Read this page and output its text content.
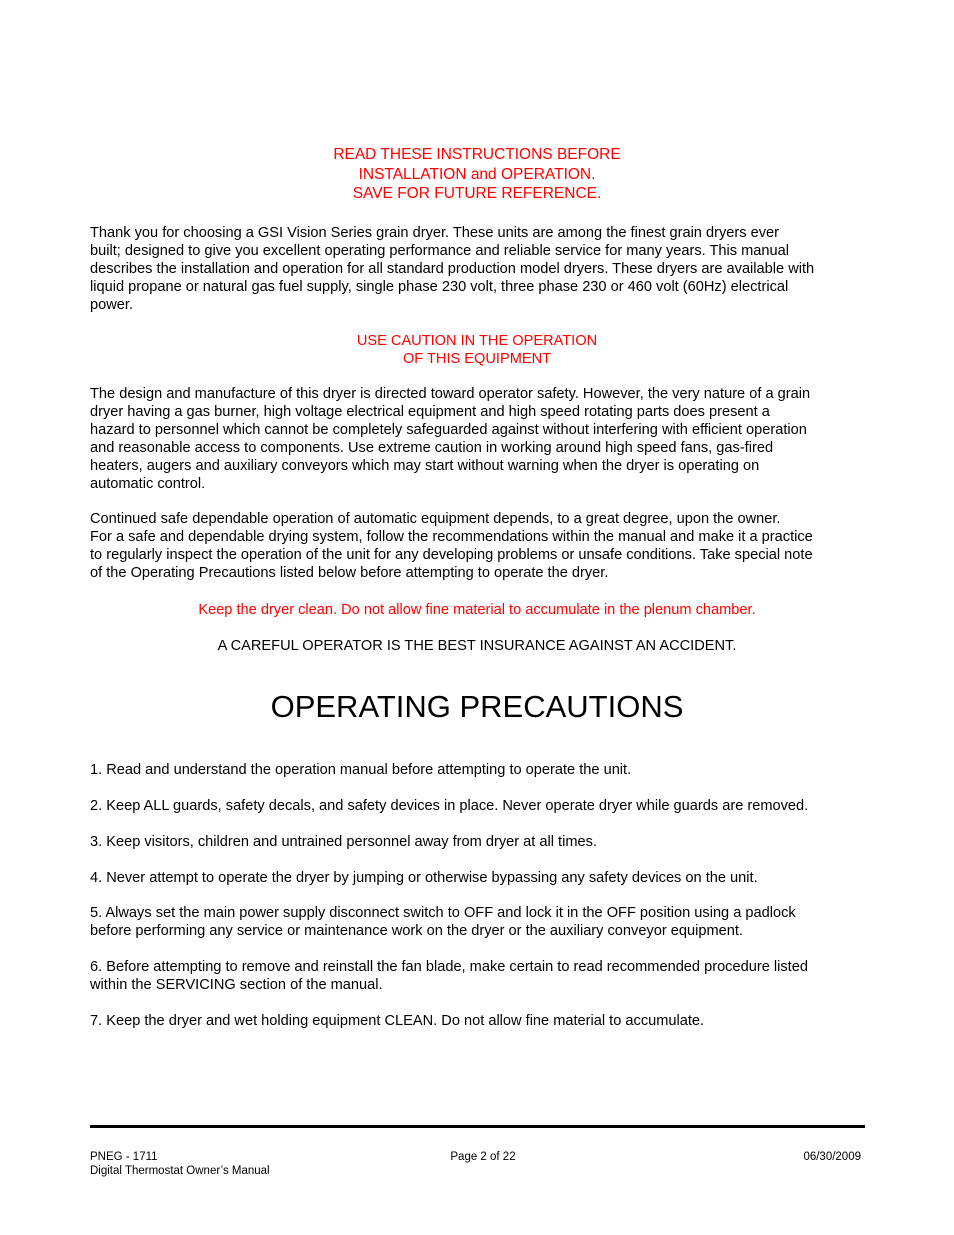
READ THESE INSTRUCTIONS BEFORE
INSTALLATION and OPERATION.
SAVE FOR FUTURE REFERENCE.
Thank you for choosing a GSI Vision Series grain dryer. These units are among the finest grain dryers ever
built; designed to give you excellent operating performance and reliable service for many years. This manual
describes the installation and operation for all standard production model dryers. These dryers are available with
liquid propane or natural gas fuel supply, single phase 230 volt, three phase 230 or 460 volt (60Hz) electrical
power.
USE CAUTION IN THE OPERATION
OF THIS EQUIPMENT
The design and manufacture of this dryer is directed toward operator safety. However, the very nature of a grain
dryer having a gas burner, high voltage electrical equipment and high speed rotating parts does present a
hazard to personnel which cannot be completely safeguarded against without interfering with efficient operation
and reasonable access to components. Use extreme caution in working around high speed fans, gas-fired
heaters, augers and auxiliary conveyors which may start without warning when the dryer is operating on
automatic control.
Continued safe dependable operation of automatic equipment depends, to a great degree, upon the owner.
For a safe and dependable drying system, follow the recommendations within the manual and make it a practice
to regularly inspect the operation of the unit for any developing problems or unsafe conditions. Take special note
of the Operating Precautions listed below before attempting to operate the dryer.
Keep the dryer clean. Do not allow fine material to accumulate in the plenum chamber.
A CAREFUL OPERATOR IS THE BEST INSURANCE AGAINST AN ACCIDENT.
OPERATING PRECAUTIONS
1. Read and understand the operation manual before attempting to operate the unit.
2. Keep ALL guards, safety decals, and safety devices in place. Never operate dryer while guards are removed.
3. Keep visitors, children and untrained personnel away from dryer at all times.
4. Never attempt to operate the dryer by jumping or otherwise bypassing any safety devices on the unit.
5. Always set the main power supply disconnect switch to OFF and lock it in the OFF position using a padlock
before performing any service or maintenance work on the dryer or the auxiliary conveyor equipment.
6. Before attempting to remove and reinstall the fan blade, make certain to read recommended procedure listed
within the SERVICING section of the manual.
7. Keep the dryer and wet holding equipment CLEAN. Do not allow fine material to accumulate.
PNEG - 1711
Digital Thermostat Owner’s Manual
Page 2 of 22	06/30/2009
